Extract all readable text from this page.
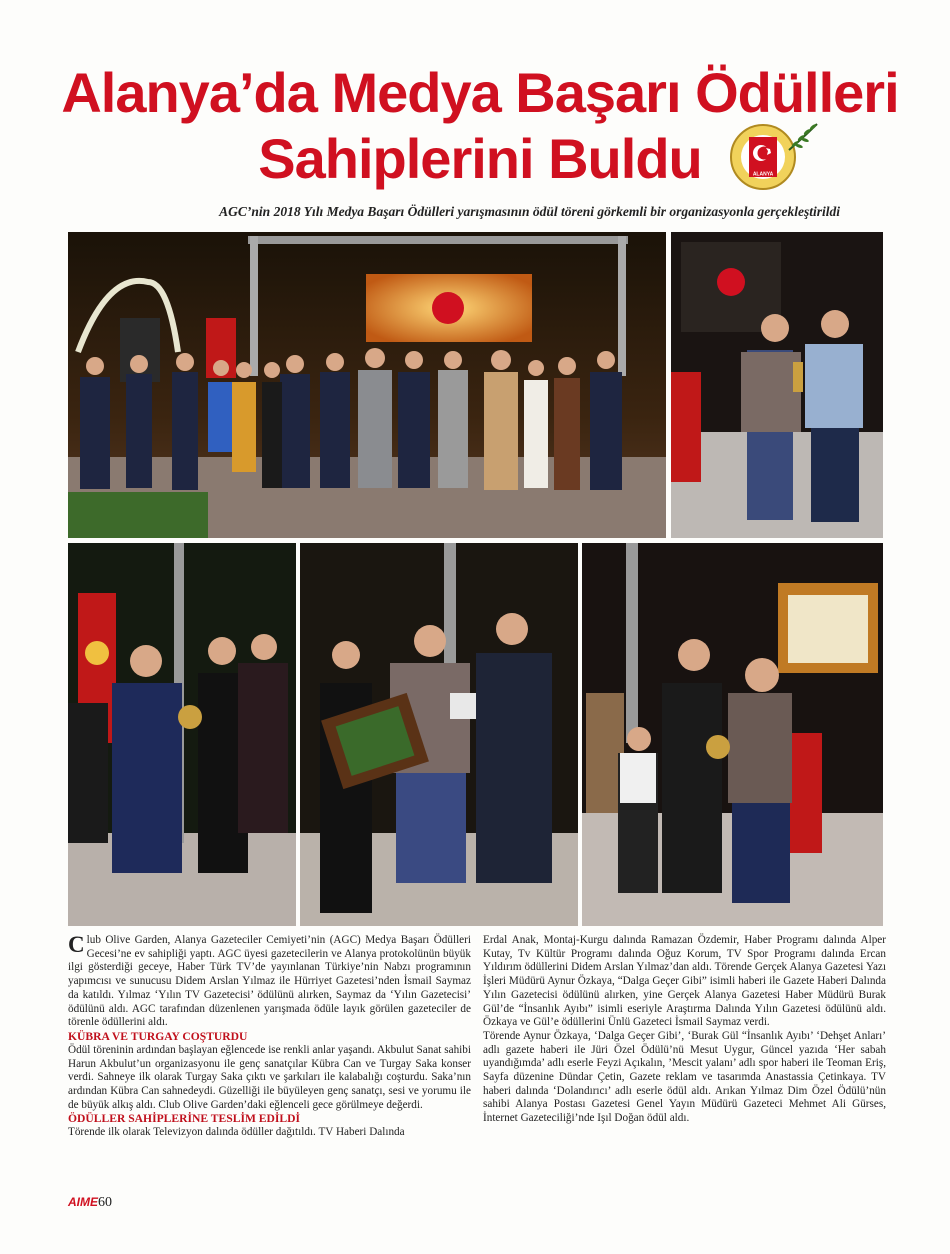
Alanya’da Medya Başarı Ödülleri
Sahiplerini Buldu	ALANYA
AGC’nin 2018 Yılı Medya Başarı Ödülleri yarışmasının ödül töreni görkemli bir organizasyonla gerçekleştirildi

Club Olive Garden, Alanya Gazeteciler Cemiyeti’nin (AGC) Medya Başarı Ödülleri Gecesi’ne ev sahipliği yaptı. AGC üyesi gazetecilerin ve Alanya protokolünün büyük ilgi gösterdiği geceye, Haber Türk TV’de yayınlanan Türkiye’nin Nabzı programının yapımcısı ve sunucusu Didem Arslan Yılmaz ile Hürriyet Gazetesi’nden İsmail Saymaz da katıldı. Yılmaz ‘Yılın TV Gazetecisi’ ödülünü alırken, Saymaz da ‘Yılın Gazetecisi’ ödülünü aldı. AGC tarafından düzenlenen yarışmada ödüle layık görülen gazeteciler de törenle ödüllerini aldı.

KÜBRA VE TURGAY COŞTURDU

Ödül töreninin ardından başlayan eğlencede ise renkli anlar yaşandı. Akbulut Sanat sahibi Harun Akbulut’un organizasyonu ile genç sanatçılar Kübra Can ve Turgay Saka konser verdi. Sahneye ilk olarak Turgay Saka çıktı ve şarkıları ile kalabalığı coşturdu. Saka’nın ardından Kübra Can sahnedeydi. Güzelliği ile büyüleyen genç sanatçı, sesi ve yorumu ile de büyük alkış aldı. Club Olive Garden’daki eğlenceli gece görülmeye değerdi.

ÖDÜLLER SAHİPLERİNE TESLİM EDİLDİ

Törende ilk olarak Televizyon dalında ödüller dağıtıldı. TV Haberi Dalında

Erdal Anak, Montaj-Kurgu dalında Ramazan Özdemir, Haber Programı dalında Alper Kutay, Tv Kültür Programı dalında Oğuz Korum, TV Spor Programı dalında Ercan Yıldırım ödüllerini Didem Arslan Yılmaz’dan aldı. Törende Gerçek Alanya Gazetesi Yazı İşleri Müdürü Aynur Özkaya, “Dalga Geçer Gibi” isimli haberi ile Gazete Haberi Dalında Yılın Gazetecisi ödülünü alırken, yine Gerçek Alanya Gazetesi Haber Müdürü Burak Gül’de “İnsanlık Ayıbı” isimli eseriyle Araştırma Dalında Yılın Gazetesi ödülünü aldı. Özkaya ve Gül’e ödüllerini Ünlü Gazeteci İsmail Saymaz verdi.

Törende Aynur Özkaya, ‘Dalga Geçer Gibi’, ‘Burak Gül “İnsanlık Ayıbı’ ‘Dehşet Anları’ adlı gazete haberi ile Jüri Özel Ödülü’nü Mesut Uygur, Güncel yazıda ‘Her sabah uyandığımda’ adlı eserle Feyzi Açıkalın, ’Mescit yalanı’ adlı spor haberi ile Teoman Eriş, Sayfa düzenine Dündar Çetin, Gazete reklam ve tasarımda Anastassia Çetinkaya. TV haberi dalında ‘Dolandırıcı’ adlı eserle ödül aldı. Arıkan Yılmaz Dim Özel Ödülü’nün sahibi Alanya Postası Gazetesi Genel Yayın Müdürü Gazeteci Mehmet Ali Gürses, İnternet Gazeteciliği’nde Işıl Doğan ödül aldı.

AIME60
